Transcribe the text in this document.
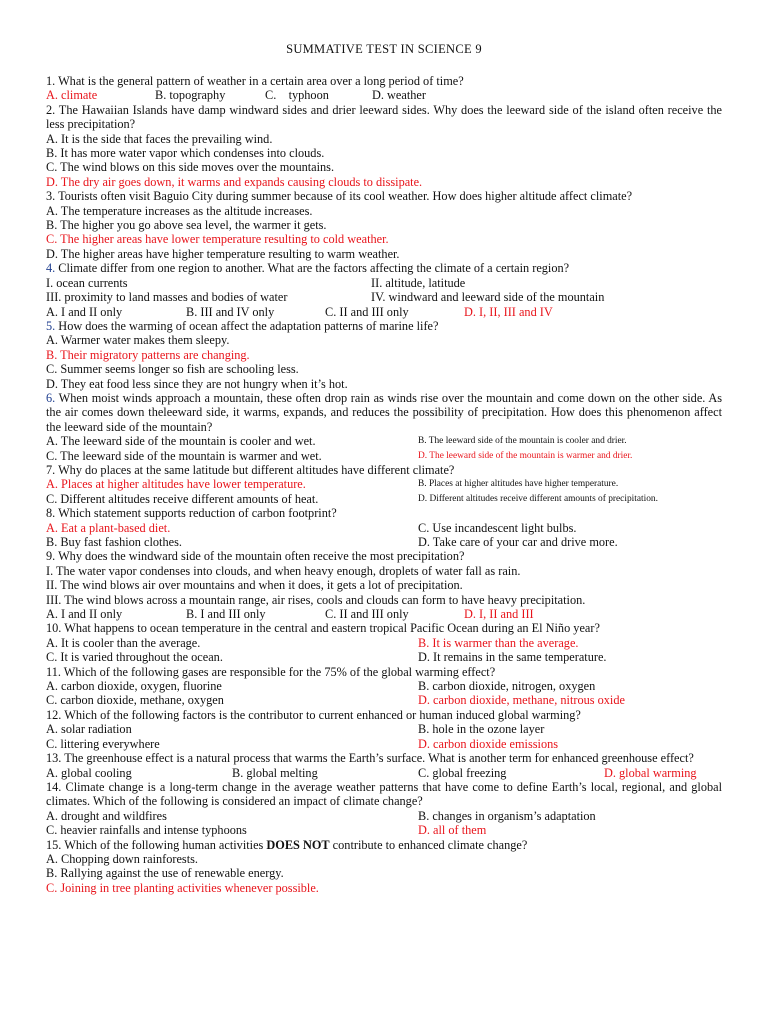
SUMMATIVE TEST IN SCIENCE 9
1. What is the general pattern of weather in a certain area over a long period of time?
A. climate	B. topography	C.    typhoon	D. weather
2. The Hawaiian Islands have damp windward sides and drier leeward sides. Why does the leeward side of the island often receive the less precipitation?
A. It is the side that faces the prevailing wind.
B. It has more water vapor which condenses into clouds.
C. The wind blows on this side moves over the mountains.
D. The dry air goes down, it warms and expands causing clouds to dissipate.
3. Tourists often visit Baguio City during summer because of its cool weather. How does higher altitude affect climate?
A. The temperature increases as the altitude increases.
B. The higher you go above sea level, the warmer it gets.
C. The higher areas have lower temperature resulting to cold weather.
D. The higher areas have higher temperature resulting to warm weather.
4. Climate differ from one region to another. What are the factors affecting the climate of a certain region?
I. ocean currents	II. altitude, latitude
III. proximity to land masses and bodies of water	IV. windward and leeward side of the mountain
A. I and II only	B. III and IV only	C. II and III only	D. I, II, III and IV
5. How does the warming of ocean affect the adaptation patterns of marine life?
A. Warmer water makes them sleepy.
B. Their migratory patterns are changing.
C. Summer seems longer so fish are schooling less.
D. They eat food less since they are not hungry when it’s hot.
6. When moist winds approach a mountain, these often drop rain as winds rise over the mountain and come down on the other side. As the air comes down theleeward side, it warms, expands, and reduces the possibility of precipitation. How does this phenomenon affect the leeward side of the mountain?
A. The leeward side of the mountain is cooler and wet.	B. The leeward side of the mountain is cooler and drier.
C. The leeward side of the mountain is warmer and wet.	D. The leeward side of the mountain is warmer and drier.
7. Why do places at the same latitude but different altitudes have different climate?
A. Places at higher altitudes have lower temperature.	B. Places at higher altitudes have higher temperature.
C. Different altitudes receive different amounts of heat.	D. Different altitudes receive different amounts of precipitation.
8. Which statement supports reduction of carbon footprint?
A. Eat a plant-based diet.	C. Use incandescent light bulbs.
B. Buy fast fashion clothes.	D. Take care of your car and drive more.
9. Why does the windward side of the mountain often receive the most precipitation?
I. The water vapor condenses into clouds, and when heavy enough, droplets of water fall as rain.
II. The wind blows air over mountains and when it does, it gets a lot of precipitation.
III. The wind blows across a mountain range, air rises, cools and clouds can form to have heavy precipitation.
A. I and II only	B. I and III only	C. II and III only	D. I, II and III
10. What happens to ocean temperature in the central and eastern tropical Pacific Ocean during an El Niño year?
A. It is cooler than the average.	B. It is warmer than the average.
C. It is varied throughout the ocean.	D. It remains in the same temperature.
11. Which of the following gases are responsible for the 75% of the global warming effect?
A. carbon dioxide, oxygen, fluorine	B. carbon dioxide, nitrogen, oxygen
C. carbon dioxide, methane, oxygen	D. carbon dioxide, methane, nitrous oxide
12. Which of the following factors is the contributor to current enhanced or human induced global warming?
A. solar radiation	B. hole in the ozone layer
C. littering everywhere	D. carbon dioxide emissions
13. The greenhouse effect is a natural process that warms the Earth’s surface. What is another term for enhanced greenhouse effect?
A. global cooling	B. global melting	C. global freezing	D. global warming
14. Climate change is a long-term change in the average weather patterns that have come to define Earth’s local, regional, and global climates. Which of the following is considered an impact of climate change?
A. drought and wildfires	B. changes in organism’s adaptation
C. heavier rainfalls and intense typhoons	D. all of them
15. Which of the following human activities DOES NOT contribute to enhanced climate change?
A. Chopping down rainforests.
B. Rallying against the use of renewable energy.
C. Joining in tree planting activities whenever possible.
